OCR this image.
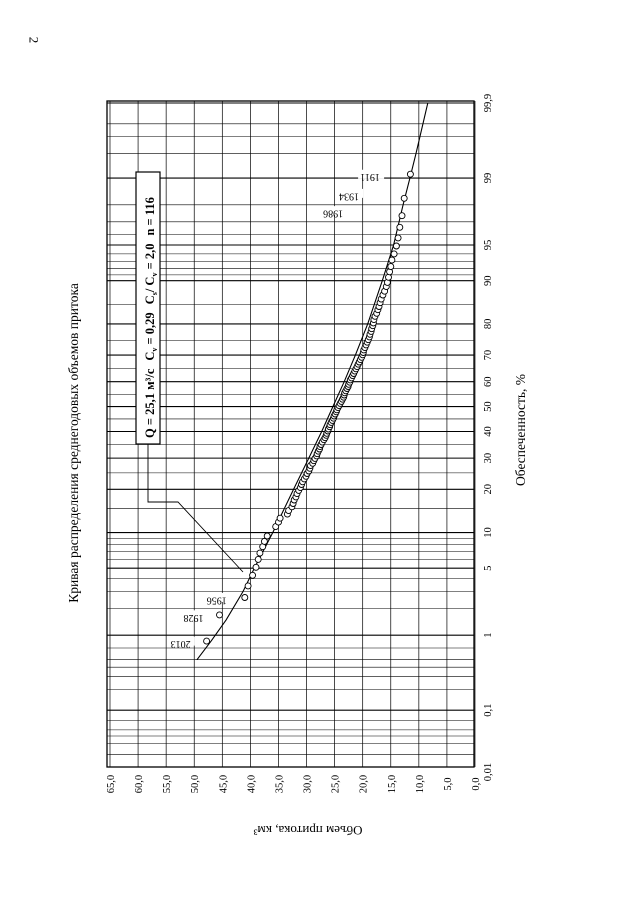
0,01
0,1
1
5
10
20
30
40
50
60
70
80
90
95
99
99,9
0,0
5,0
10,0
15,0
20,0
25,0
30,0
35,0
40,0
45,0
50,0
55,0
60,0
65,0
2013
1928
1956
1986
1934
1911
Q = 25,1 $м^3/сC_v = 0,29C_s/$ $C_v = 2,0n = 116$
Кривая распределения среднегодовых объемов притока	Обеспеченность, %
Объем притока, км³
2
